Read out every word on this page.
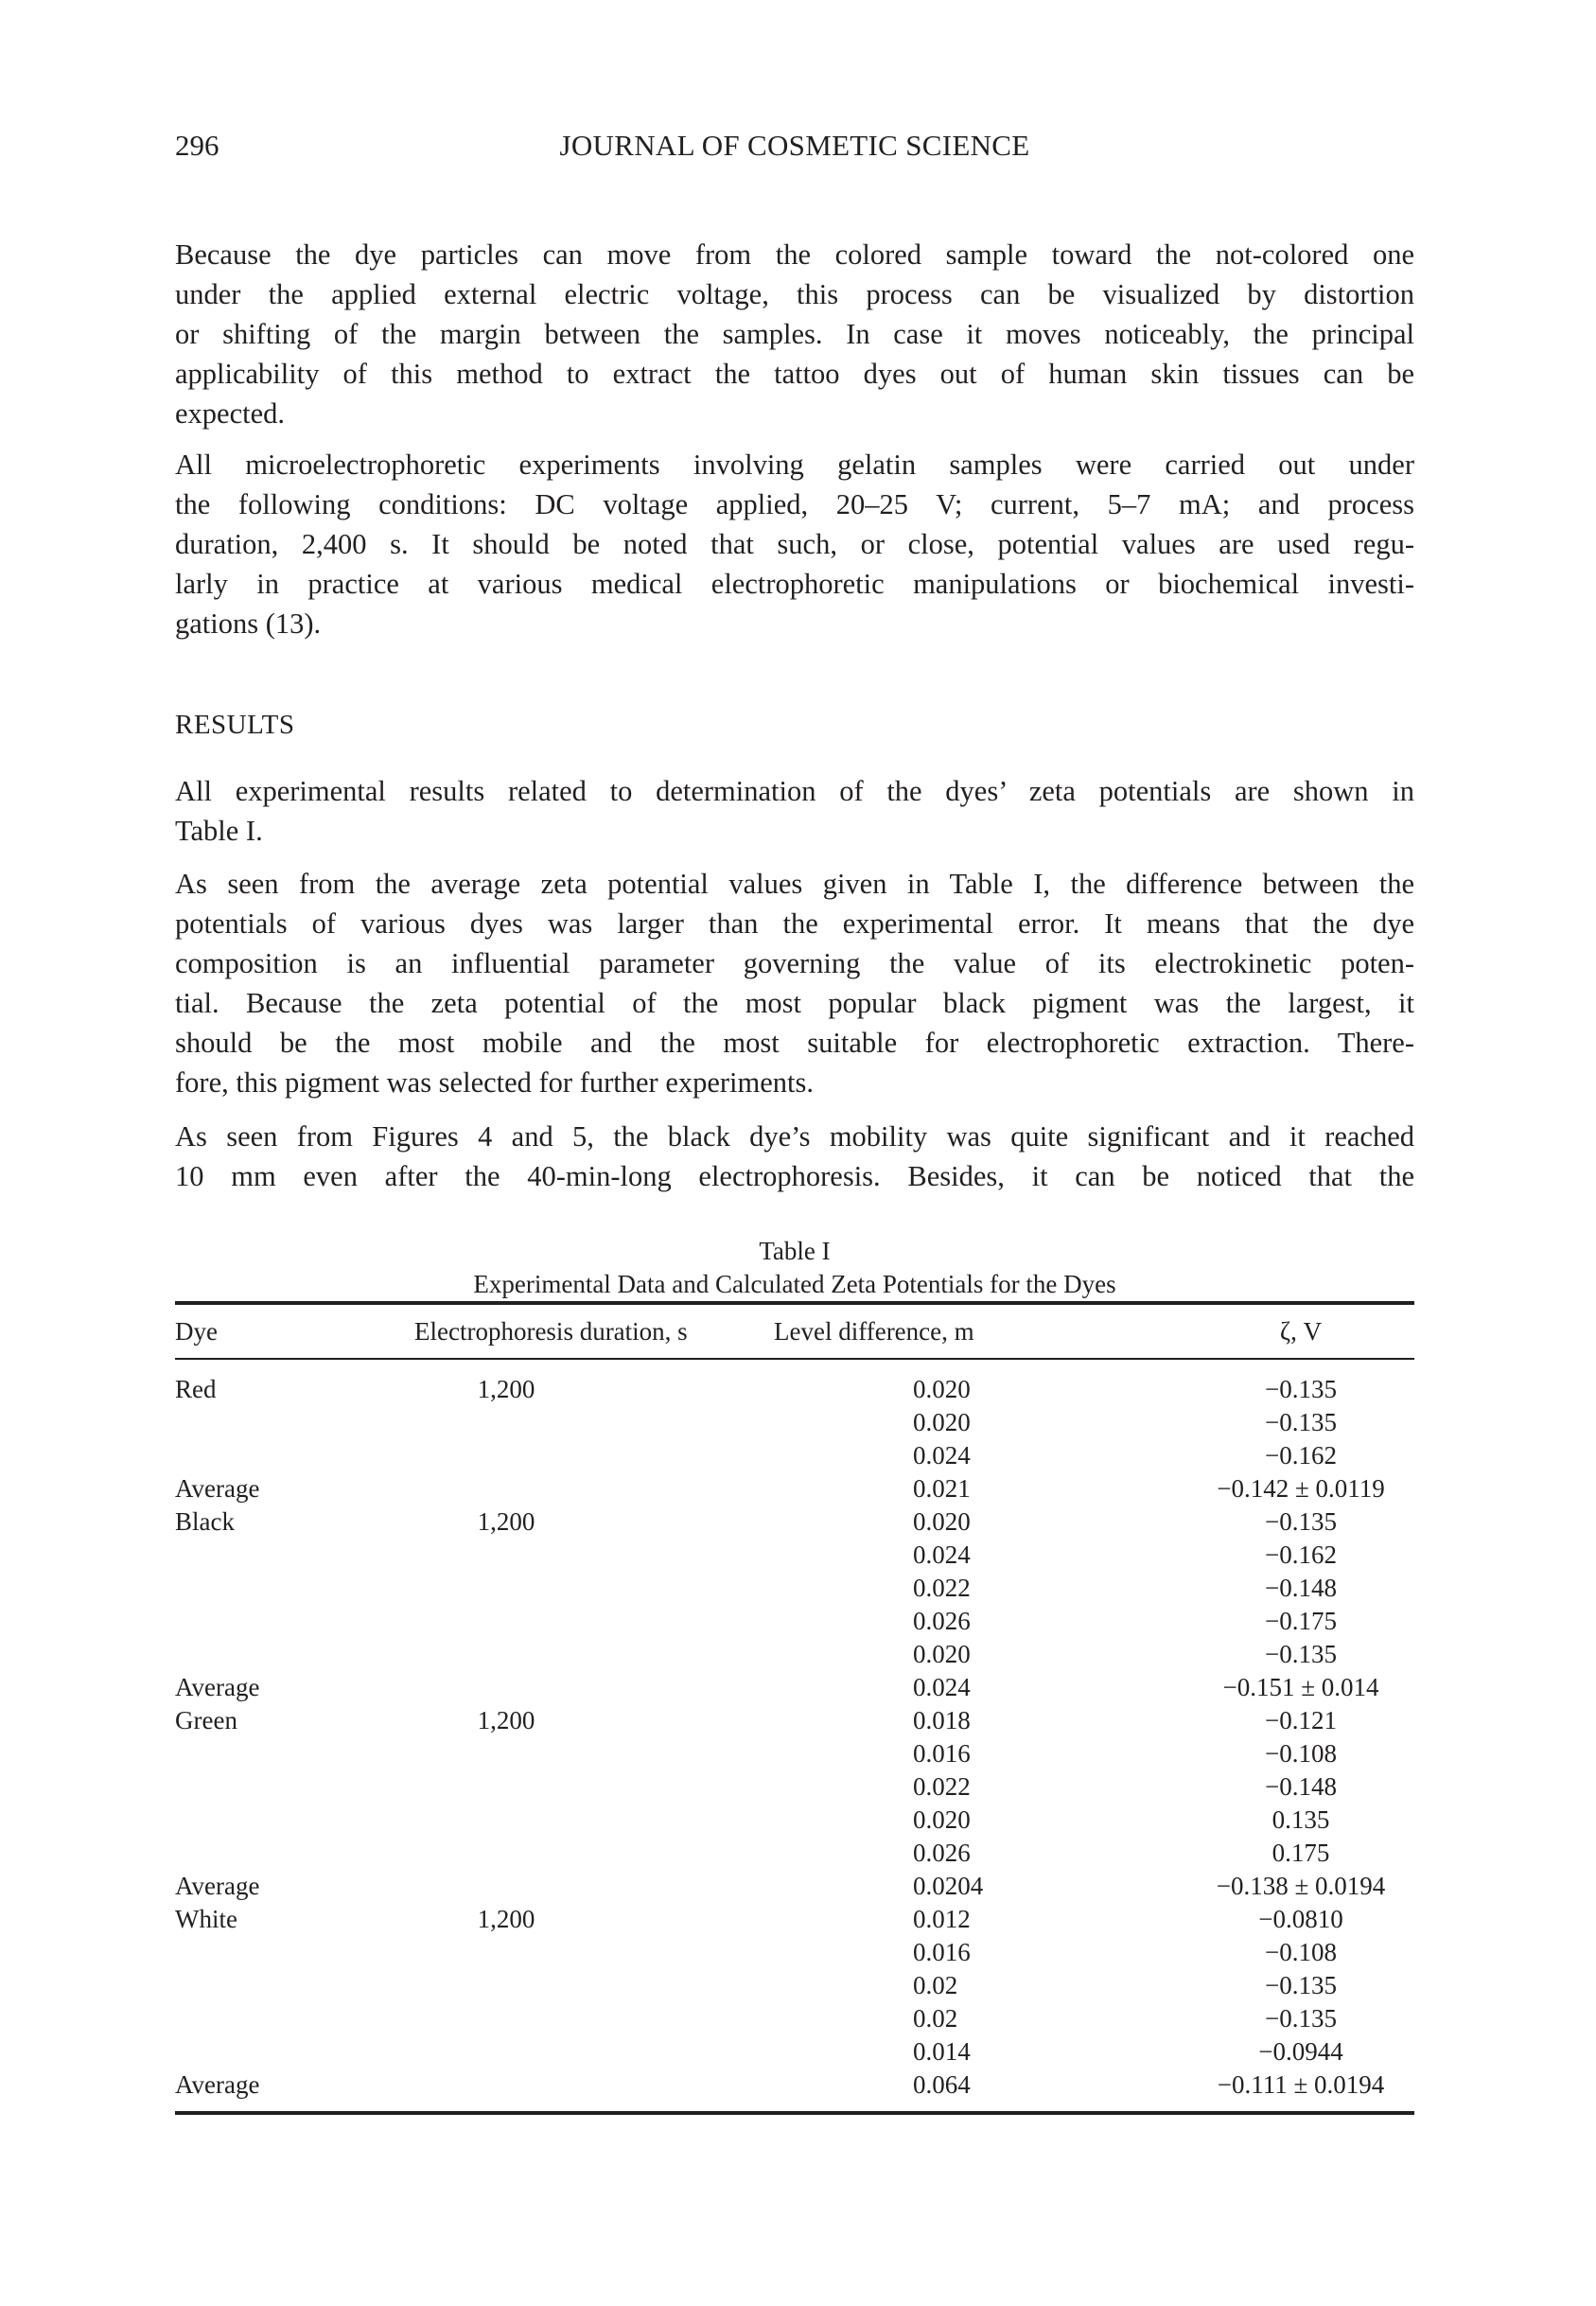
296	JOURNAL OF COSMETIC SCIENCE
Because the dye particles can move from the colored sample toward the not-colored one
under the applied external electric voltage, this process can be visualized by distortion
or shifting of the margin between the samples. In case it moves noticeably, the principal
applicability of this method to extract the tattoo dyes out of human skin tissues can be
expected.
All microelectrophoretic experiments involving gelatin samples were carried out under
the following conditions: DC voltage applied, 20–25 V; current, 5–7 mA; and process
duration, 2,400 s. It should be noted that such, or close, potential values are used regu-
larly in practice at various medical electrophoretic manipulations or biochemical investi-
gations (13).
RESULTS
All experimental results related to determination of the dyes’ zeta potentials are shown in
Table I.
As seen from the average zeta potential values given in Table I, the difference between the
potentials of various dyes was larger than the experimental error. It means that the dye
composition is an influential parameter governing the value of its electrokinetic poten-
tial. Because the zeta potential of the most popular black pigment was the largest, it
should be the most mobile and the most suitable for electrophoretic extraction. There-
fore, this pigment was selected for further experiments.
As seen from Figures 4 and 5, the black dye’s mobility was quite significant and it reached
10 mm even after the 40-min-long electrophoresis. Besides, it can be noticed that the
Table I
Experimental Data and Calculated Zeta Potentials for the Dyes
Dye	Electrophoresis duration, s	Level difference, m	ζ, V
Red	1,200	0.020	−0.135
		0.020	−0.135
		0.024	−0.162
Average		0.021	−0.142 ± 0.0119
Black	1,200	0.020	−0.135
		0.024	−0.162
		0.022	−0.148
		0.026	−0.175
		0.020	−0.135
Average		0.024	−0.151 ± 0.014
Green	1,200	0.018	−0.121
		0.016	−0.108
		0.022	−0.148
		0.020	0.135
		0.026	0.175
Average		0.0204	−0.138 ± 0.0194
White	1,200	0.012	−0.0810
		0.016	−0.108
		0.02	−0.135
		0.02	−0.135
		0.014	−0.0944
Average		0.064	−0.111 ± 0.0194
